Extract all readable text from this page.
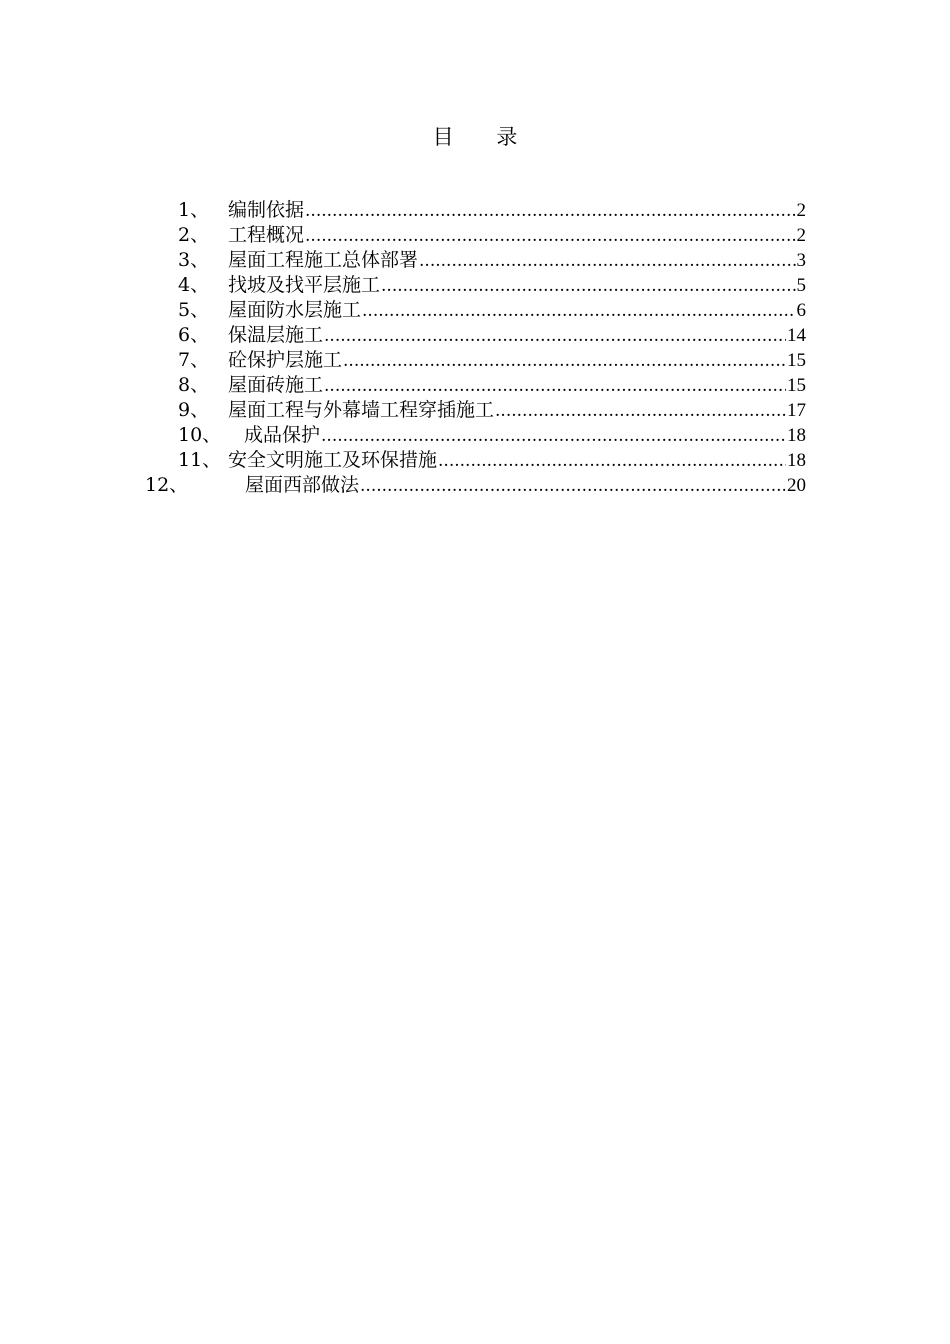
目 录
1、 编制依据 .....	2
2、 工程概况 .....	2
3、 屋面工程施工总体部署 .....	3
4、 找坡及找平层施工 .....	5
5、 屋面防水层施工 .....	6
6、 保温层施工 .....	14
7、 砼保护层施工 .....	15
8、 屋面砖施工 .....	15
9、 屋面工程与外幕墙工程穿插施工 .....	17
10、 成品保护 .....	18
11、 安全文明施工及环保措施 .....	18
12、	屋面西部做法 .....	20
